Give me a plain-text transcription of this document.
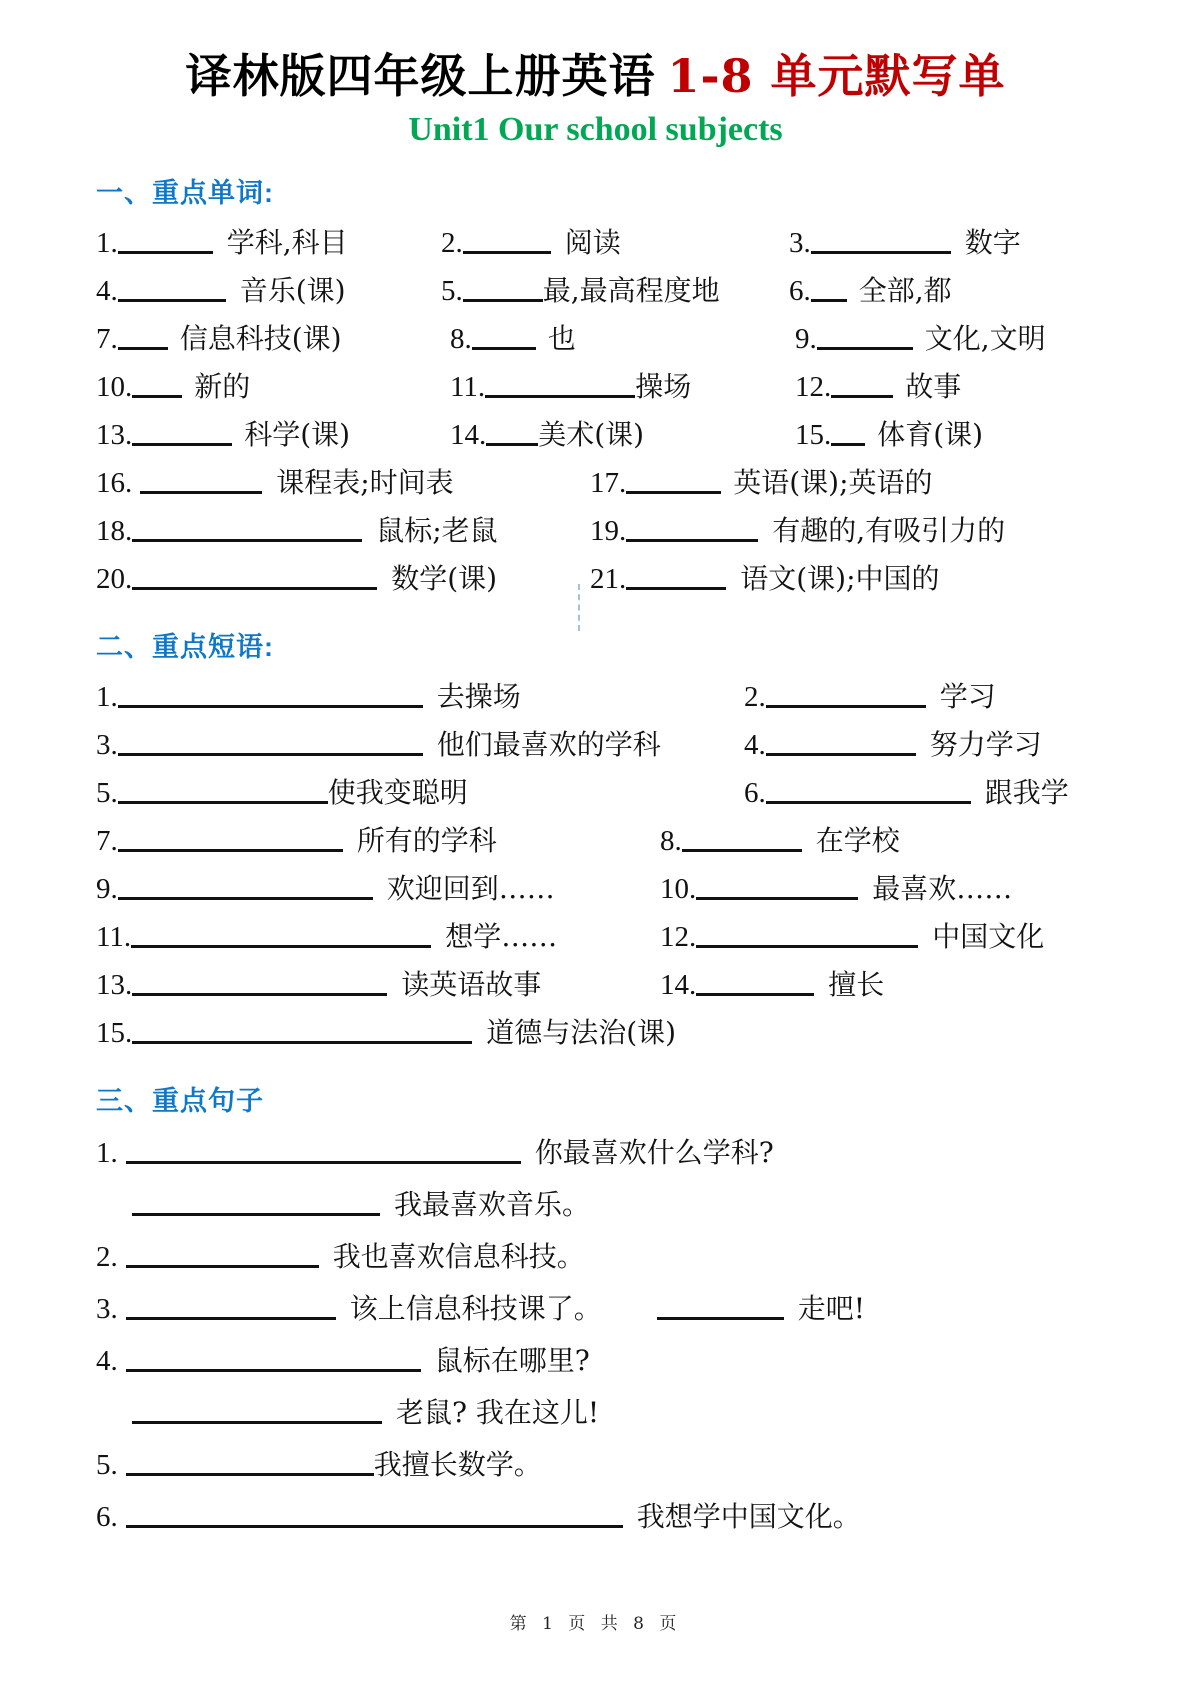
译林版四年级上册英语 1-8 单元默写单
Unit1 Our school subjects
一、重点单词:
1.	学科,科目	2.	阅读	3.	数字
4.	音乐(课)	5.	最,最高程度地	6. 全部,都
7. 信息科技(课)	8.	也	9.	文化,文明
10. 新的	11.	操场	12.	故事
13.	科学(课)	14. 美术(课)	15. 体育(课)
16.	课程表;时间表	17.	英语(课);英语的
18.	鼠标;老鼠	19.	有趣的,有吸引力的
20.	数学(课)	21.	语文(课);中国的
二、重点短语:
1.	去操场	2.	学习
3.	他们最喜欢的学科	4.	努力学习
5.	使我变聪明	6.	跟我学
7.	所有的学科	8.	在学校
9.	欢迎回到……	10.	最喜欢……
11.	想学……	12.	中国文化
13.	读英语故事	14.	擅长
15.	道德与法治(课)
三、重点句子
1.	你最喜欢什么学科?
我最喜欢音乐。
2.	我也喜欢信息科技。
3.	该上信息科技课了。	走吧!
4.	鼠标在哪里?
老鼠? 我在这儿!
5.	我擅长数学。
6.	我想学中国文化。
第 1 页 共 8 页
